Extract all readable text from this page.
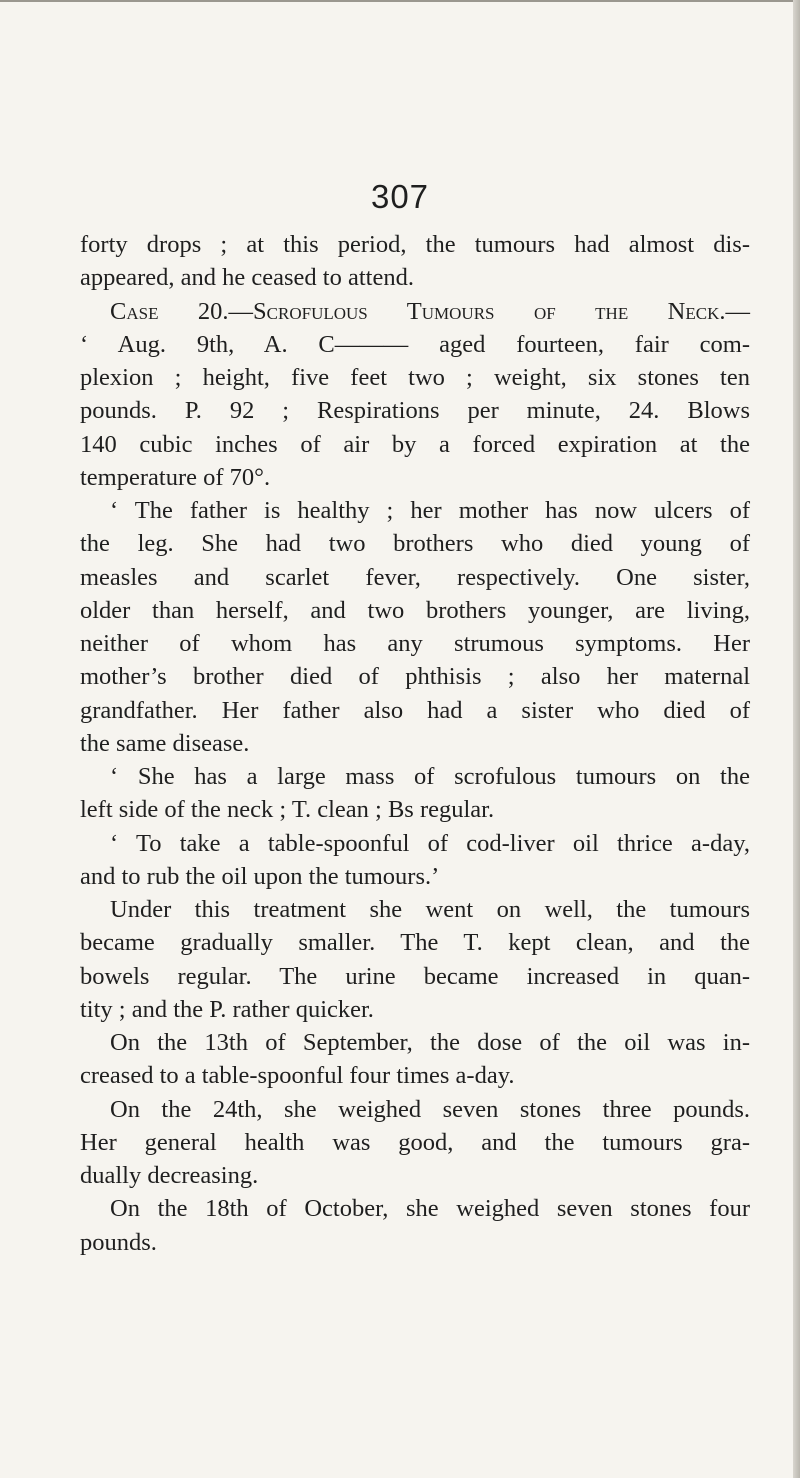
307
forty drops ; at this period, the tumours had almost dis-
appeared, and he ceased to attend.
Case 20.—Scrofulous Tumours of the Neck.—
‘ Aug. 9th, A. C——— aged fourteen, fair com-
plexion ; height, five feet two ; weight, six stones ten
pounds. P. 92 ; Respirations per minute, 24. Blows
140 cubic inches of air by a forced expiration at the
temperature of 70°.
‘ The father is healthy ; her mother has now ulcers of
the leg. She had two brothers who died young of
measles and scarlet fever, respectively. One sister,
older than herself, and two brothers younger, are living,
neither of whom has any strumous symptoms. Her
mother’s brother died of phthisis ; also her maternal
grandfather. Her father also had a sister who died of
the same disease.
‘ She has a large mass of scrofulous tumours on the
left side of the neck ; T. clean ; Bs regular.
‘ To take a table-spoonful of cod-liver oil thrice a-day,
and to rub the oil upon the tumours.’
Under this treatment she went on well, the tumours
became gradually smaller. The T. kept clean, and the
bowels regular. The urine became increased in quan-
tity ; and the P. rather quicker.
On the 13th of September, the dose of the oil was in-
creased to a table-spoonful four times a-day.
On the 24th, she weighed seven stones three pounds.
Her general health was good, and the tumours gra-
dually decreasing.
On the 18th of October, she weighed seven stones four
pounds.
